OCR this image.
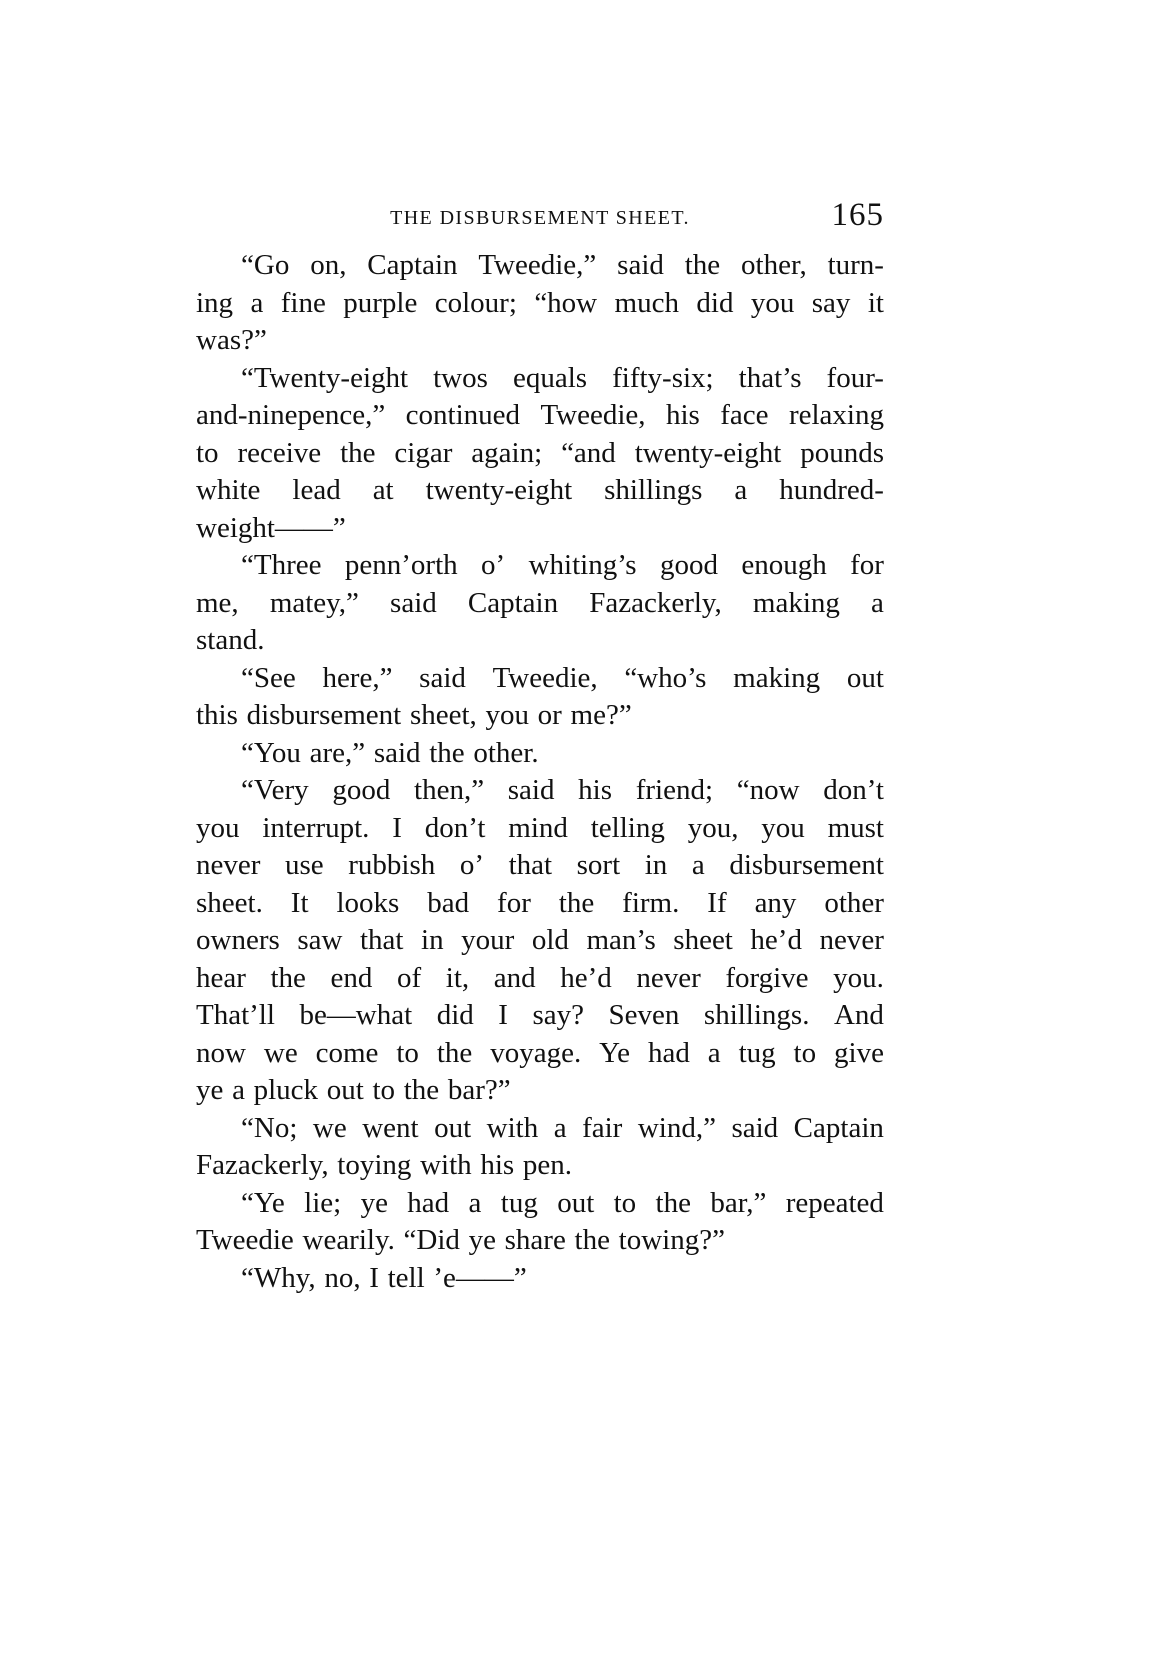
THE DISBURSEMENT SHEET.	165
“Go on, Captain Tweedie,” said the other, turn-
ing a fine purple colour; “how much did you say it
was?”
“Twenty-eight twos equals fifty-six; that’s four-
and-ninepence,” continued Tweedie, his face relaxing
to receive the cigar again; “and twenty-eight pounds
white lead at twenty-eight shillings a hundred-
weight——”
“Three penn’orth o’ whiting’s good enough for
me, matey,” said Captain Fazackerly, making a
stand.
“See here,” said Tweedie, “who’s making out
this disbursement sheet, you or me?”
“You are,” said the other.
“Very good then,” said his friend; “now don’t
you interrupt. I don’t mind telling you, you must
never use rubbish o’ that sort in a disbursement
sheet. It looks bad for the firm. If any other
owners saw that in your old man’s sheet he’d never
hear the end of it, and he’d never forgive you.
That’ll be—what did I say? Seven shillings. And
now we come to the voyage. Ye had a tug to give
ye a pluck out to the bar?”
“No; we went out with a fair wind,” said Captain
Fazackerly, toying with his pen.
“Ye lie; ye had a tug out to the bar,” repeated
Tweedie wearily. “Did ye share the towing?”
“Why, no, I tell ’e——”
